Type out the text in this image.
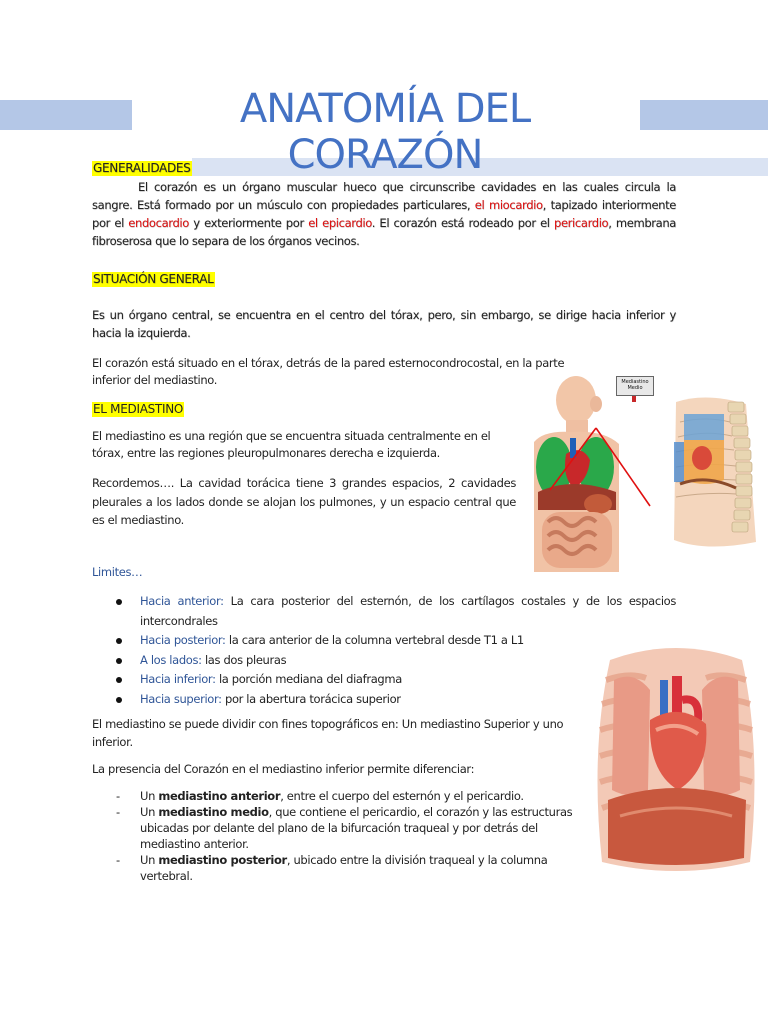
ANATOMÍA DEL CORAZÓN
GENERALIDADES

El corazón es un órgano muscular hueco que circunscribe cavidades en las cuales circula la sangre. Está formado por un músculo con propiedades particulares, el miocardio, tapizado interiormente por el endocardio y exteriormente por el epicardio. El corazón está rodeado por el pericardio, membrana fibroserosa que lo separa de los órganos vecinos.

SITUACIÓN GENERAL

Es un órgano central, se encuentra en el centro del tórax, pero, sin embargo, se dirige hacia inferior y hacia la izquierda.

El corazón está situado en el tórax, detrás de la pared esternocondrocostal, en la parte inferior del mediastino.

EL MEDIASTINO

El mediastino es una región que se encuentra situada centralmente en el tórax, entre las regiones pleuropulmonares derecha e izquierda.

Recordemos…. La cavidad torácica tiene 3 grandes espacios, 2 cavidades pleurales a los lados donde se alojan los pulmones, y un espacio central que es el mediastino.

Mediastino Medio
Limites…
Hacia anterior: La cara posterior del esternón, de los cartílagos costales y de los espacios intercondrales
Hacia posterior: la cara anterior de la columna vertebral desde T1 a L1
A los lados: las dos pleuras
Hacia inferior: la porción mediana del diafragma
Hacia superior: por la abertura torácica superior

El mediastino se puede dividir con fines topográficos en: Un mediastino Superior y uno inferior.

La presencia del Corazón en el mediastino inferior permite diferenciar:

- Un mediastino anterior, entre el cuerpo del esternón y el pericardio.
- Un mediastino medio, que contiene el pericardio, el corazón y las estructuras ubicadas por delante del plano de la bifurcación traqueal y por detrás del mediastino anterior.
- Un mediastino posterior, ubicado entre la división traqueal y la columna vertebral.
